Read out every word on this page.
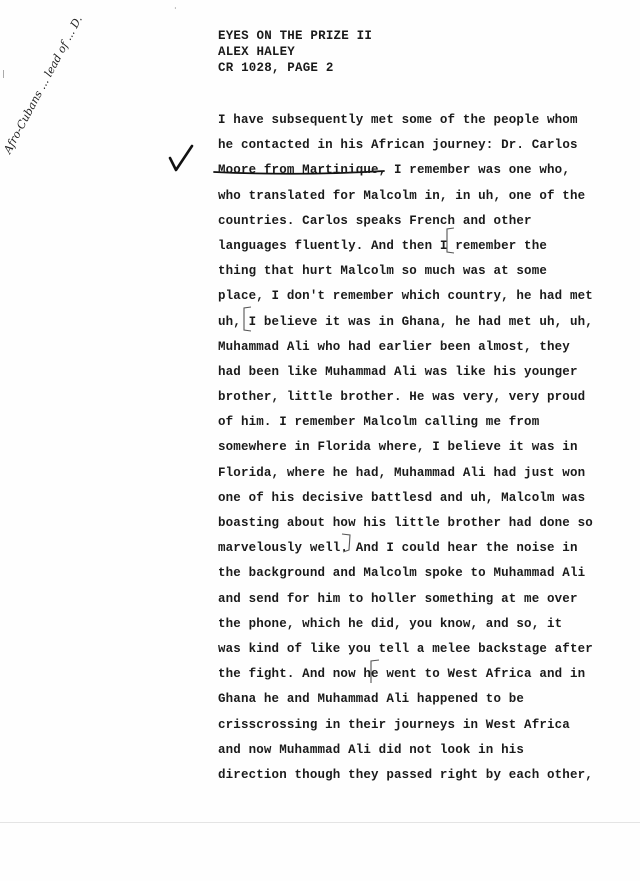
·
EYES ON THE PRIZE II
ALEX HALEY
CR 1028, PAGE 2
Afro-Cubans ... lead of ... D.	I have subsequently met some of the people whom
he contacted in his African journey: Dr. Carlos
Moore from Martinique, I remember was one who,
who translated for Malcolm in, in uh, one of the
countries. Carlos speaks French and other
languages fluently. And then I remember the
thing that hurt Malcolm so much was at some
place, I don't remember which country, he had met
uh, I believe it was in Ghana, he had met uh, uh,
Muhammad Ali who had earlier been almost, they
had been like Muhammad Ali was like his younger
brother, little brother. He was very, very proud
of him. I remember Malcolm calling me from
somewhere in Florida where, I believe it was in
Florida, where he had, Muhammad Ali had just won
one of his decisive battlesd and uh, Malcolm was
boasting about how his little brother had done so
marvelously well. And I could hear the noise in
the background and Malcolm spoke to Muhammad Ali
and send for him to holler something at me over
the phone, which he did, you know, and so, it
was kind of like you tell a melee backstage after
the fight. And now he went to West Africa and in
Ghana he and Muhammad Ali happened to be
crisscrossing in their journeys in West Africa
and now Muhammad Ali did not look in his
direction though they passed right by each other,
